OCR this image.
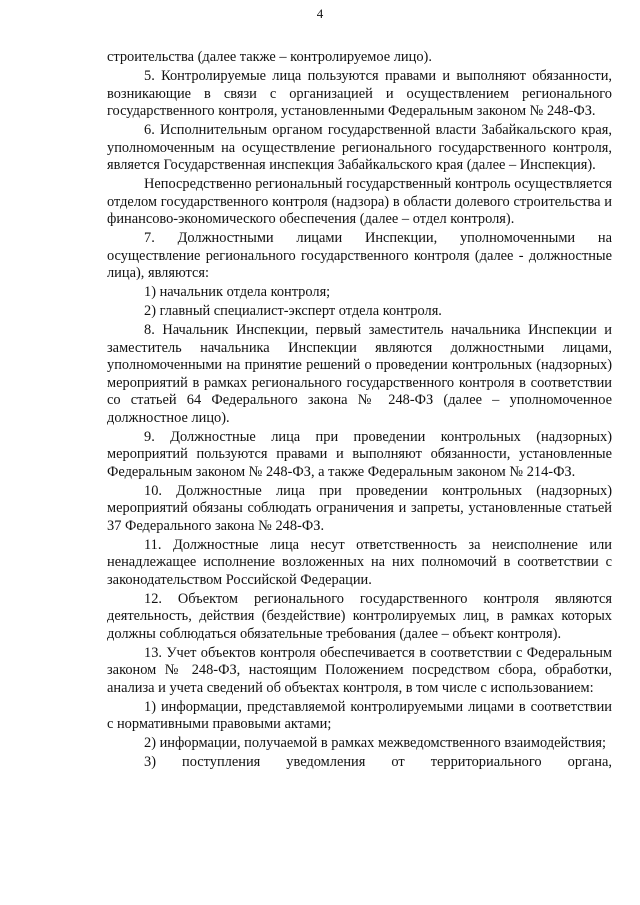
4

строительства (далее также – контролируемое лицо).

5. Контролируемые лица пользуются правами и выполняют обязанности, возникающие в связи с организацией и осуществлением регионального государственного контроля, установленными Федеральным законом № 248-ФЗ.

6. Исполнительным органом государственной власти Забайкальского края, уполномоченным на осуществление регионального государственного контроля, является Государственная инспекция Забайкальского края (далее – Инспекция).

Непосредственно региональный государственный контроль осуществляется отделом государственного контроля (надзора) в области долевого строительства и финансово-экономического обеспечения (далее – отдел контроля).

7. Должностными лицами Инспекции, уполномоченными на осуществление регионального государственного контроля (далее - должностные лица), являются:

1) начальник отдела контроля;

2) главный специалист-эксперт отдела контроля.

8. Начальник Инспекции, первый заместитель начальника Инспекции и заместитель начальника Инспекции являются должностными лицами, уполномоченными на принятие решений о проведении контрольных (надзорных) мероприятий в рамках регионального государственного контроля в соответствии со статьей 64 Федерального закона № 248-ФЗ (далее – уполномоченное должностное лицо).

9. Должностные лица при проведении контрольных (надзорных) мероприятий пользуются правами и выполняют обязанности, установленные Федеральным законом № 248-ФЗ, а также Федеральным законом № 214-ФЗ.

10. Должностные лица при проведении контрольных (надзорных) мероприятий обязаны соблюдать ограничения и запреты, установленные статьей 37 Федерального закона № 248-ФЗ.

11. Должностные лица несут ответственность за неисполнение или ненадлежащее исполнение возложенных на них полномочий в соответствии с законодательством Российской Федерации.

12. Объектом регионального государственного контроля являются деятельность, действия (бездействие) контролируемых лиц, в рамках которых должны соблюдаться обязательные требования (далее – объект контроля).

13. Учет объектов контроля обеспечивается в соответствии с Федеральным законом № 248-ФЗ, настоящим Положением посредством сбора, обработки, анализа и учета сведений об объектах контроля, в том числе с использованием:

1) информации, представляемой контролируемыми лицами в соответствии с нормативными правовыми актами;

2) информации, получаемой в рамках межведомственного взаимодействия;

3) поступления уведомления от территориального органа,
